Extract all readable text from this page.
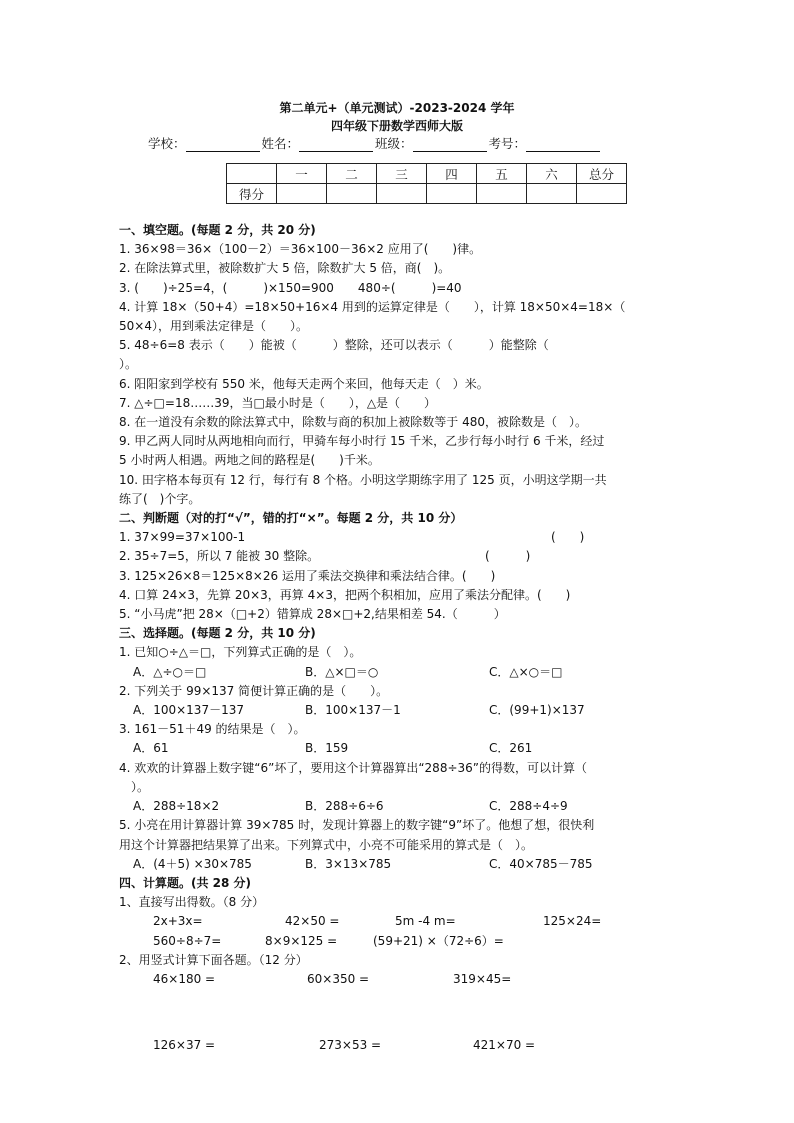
第二单元+（单元测试）-2023-2024 学年
四年级下册数学西师大版
学校：	姓名：	班级：	考号：
	一	二	三	四	五	六	总分
得分							
一、填空题。(每题 2 分，共 20 分)
1. 36×98＝36×（100－2）＝36×100－36×2 应用了(　　)律。
2. 在除法算式里，被除数扩大 5 倍，除数扩大 5 倍，商(　)。
3. (　　)÷25=4，(　　　)×150=900　　480÷(　　　)=40
4. 计算 18×（50+4）=18×50+16×4 用到的运算定律是（　　），计算 18×50×4=18×（
50×4），用到乘法定律是（　　）。
5. 48÷6=8 表示（　　）能被（　　　）整除，还可以表示（　　　）能整除（
）。
6. 阳阳家到学校有 550 米，他每天走两个来回，他每天走（　）米。
7. △÷□=18……39，当□最小时是（　　），△是（　　）
8. 在一道没有余数的除法算式中，除数与商的积加上被除数等于 480，被除数是（　）。
9. 甲乙两人同时从两地相向而行，甲骑车每小时行 15 千米，乙步行每小时行 6 千米，经过
5 小时两人相遇。两地之间的路程是(　　)千米。
10. 田字格本每页有 12 行，每行有 8 个格。小明这学期练字用了 125 页，小明这学期一共
练了(　)个字。
二、判断题（对的打“√”，错的打“×”。每题 2 分，共 10 分）
1. 37×99=37×100-1	(　　)
2. 35÷7=5，所以 7 能被 30 整除。	(　　　)
3. 125×26×8＝125×8×26 运用了乘法交换律和乘法结合律。(　　)
4. 口算 24×3，先算 20×3，再算 4×3，把两个积相加，应用了乘法分配律。(　　)
5. “小马虎”把 28×（□+2）错算成 28×□+2,结果相差 54.（　　　）
三、选择题。(每题 2 分，共 10 分)
1. 已知○÷△＝□，下列算式正确的是（　）。
A．△÷○＝□	B．△×□＝○	C．△×○＝□
2. 下列关于 99×137 简便计算正确的是（　　）。
A．100×137－137	B．100×137－1	C．(99+1)×137
3. 161－51＋49 的结果是（　）。
A．61	B．159	C．261
4. 欢欢的计算器上数字键“6”坏了，要用这个计算器算出“288÷36”的得数，可以计算（
）。
A．288÷18×2	B．288÷6÷6	C．288÷4÷9
5. 小亮在用计算器计算 39×785 时，发现计算器上的数字键“9”坏了。他想了想，很快利
用这个计算器把结果算了出来。下列算式中，小亮不可能采用的算式是（　）。
A．(4＋5) ×30×785	B．3×13×785	C．40×785－785
四、计算题。(共 28 分)
1、直接写出得数。（8 分）
2x+3x=	42×50 =	5m -4 m=	125×24=
560÷8÷7=	8×9×125 =	(59+21) ×（72÷6）=
2、用竖式计算下面各题。（12 分）
46×180 =	60×350 =	319×45=
126×37 =	273×53 =	421×70 =
